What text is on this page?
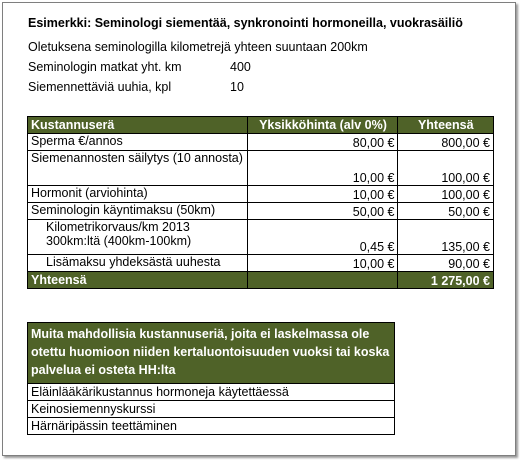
Esimerkki: Seminologi siementää, synkronointi hormoneilla, vuokrasäiliö
Oletuksena seminologilla kilometrejä yhteen suuntaan 200km
Seminologin matkat yht. km	400
Siemennettäviä uuhia, kpl	10
Kustannuserä	Yksikköhinta (alv 0%)	Yhteensä
Sperma €/annos	80,00 €	800,00 €
Siemenannosten säilytys (10 annosta)	10,00 €	100,00 €
Hormonit (arviohinta)	10,00 €	100,00 €
Seminologin käyntimaksu (50km)	50,00 €	50,00 €
Kilometrikorvaus/km 2013 300km:ltä (400km-100km)	0,45 €	135,00 €
Lisämaksu yhdeksästä uuhesta	10,00 €	90,00 €
Yhteensä		1 275,00 €
Muita mahdollisia kustannuseriä, joita ei laskelmassa ole otettu huomioon niiden kertaluontoisuuden vuoksi tai koska palvelua ei osteta HH:lta
Eläinlääkärikustannus hormoneja käytettäessä
Keinosiemennyskurssi
Härnäripässin teettäminen
